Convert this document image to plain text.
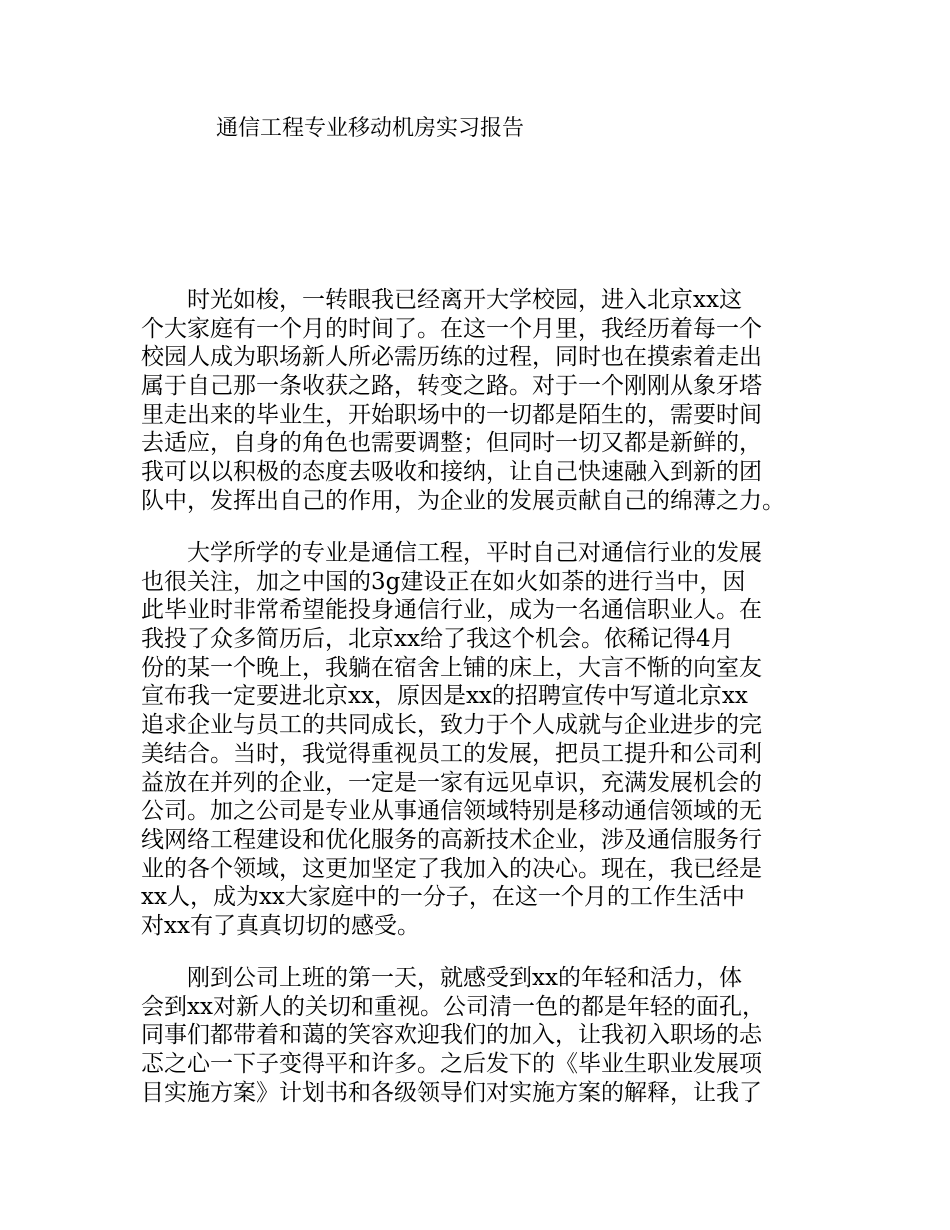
通信工程专业移动机房实习报告
　　时光如梭，一转眼我已经离开大学校园，进入北京xx这
个大家庭有一个月的时间了。在这一个月里，我经历着每一个
校园人成为职场新人所必需历练的过程，同时也在摸索着走出
属于自己那一条收获之路，转变之路。对于一个刚刚从象牙塔
里走出来的毕业生，开始职场中的一切都是陌生的，需要时间
去适应，自身的角色也需要调整；但同时一切又都是新鲜的，
我可以以积极的态度去吸收和接纳，让自己快速融入到新的团
队中，发挥出自己的作用，为企业的发展贡献自己的绵薄之力。
　　大学所学的专业是通信工程，平时自己对通信行业的发展
也很关注，加之中国的3g建设正在如火如荼的进行当中，因
此毕业时非常希望能投身通信行业，成为一名通信职业人。在
我投了众多简历后，北京xx给了我这个机会。依稀记得4月
份的某一个晚上，我躺在宿舍上铺的床上，大言不惭的向室友
宣布我一定要进北京xx，原因是xx的招聘宣传中写道北京xx
追求企业与员工的共同成长，致力于个人成就与企业进步的完
美结合。当时，我觉得重视员工的发展，把员工提升和公司利
益放在并列的企业，一定是一家有远见卓识，充满发展机会的
公司。加之公司是专业从事通信领域特别是移动通信领域的无
线网络工程建设和优化服务的高新技术企业，涉及通信服务行
业的各个领域，这更加坚定了我加入的决心。现在，我已经是
xx人，成为xx大家庭中的一分子，在这一个月的工作生活中
对xx有了真真切切的感受。
　　刚到公司上班的第一天，就感受到xx的年轻和活力，体
会到xx对新人的关切和重视。公司清一色的都是年轻的面孔，
同事们都带着和蔼的笑容欢迎我们的加入，让我初入职场的忐
忑之心一下子变得平和许多。之后发下的《毕业生职业发展项
目实施方案》计划书和各级领导们对实施方案的解释，让我了
